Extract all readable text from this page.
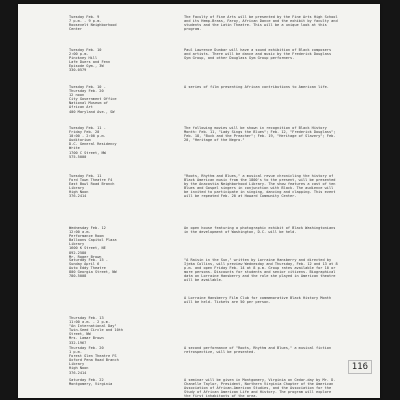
Tuesday Feb. 9
7 p.m. - 9 p.m.
Roosevelt Neighborhood
Center
The Faculty of Fine Arts will be presented by the Fine Arts High School and its Hemp-Brass, Faroy, African Dance and the exhibit by faculty and students and the Latin Theatre. This will be a unique look at this program.
Tuesday Feb. 10
2:00 p.m.
Pinckney Hill
Lafe Duers and Fenn
Episode Gym., 3W
330-0579
Paul Lawrence Dunbar will have a sound exhibition of Black composers and artists. There will be dance and music by the Frederick Douglass Gym Group, and other Douglass Gym Group performers.
Tuesday Feb. 10 -
Thursday Feb. 20
12 noon
City Government Office
National Museum of
African Art
400 Maryland Ave., SW
A series of film presenting African contributions to American life.
Tuesday Feb. 11 -
Friday Feb. 20
10:00 - 2:00 p.m.
Auditorium
D.C. General Residency
Write
1700 C Street, NW
575-5000
The following movies will be shown in recognition of Black History Month: Feb. 11, "Lady Sings the Blues"; Feb. 12, "Frederick Douglass"; Feb. 18, "Buck and the Preacher"; Feb. 19, "Heritage of Slavery"; Feb. 20, "Heritage of the Negro."
Tuesday Feb. 11
Ford Town Theatre F4
East Bowl Road Branch
Library
High Noon
376-2414
"Roots, Rhythm and Blues," a musical revue chronicling the history of Black American music from the 1800's to the present, will be presented by the Anacostia Neighborhood Library. The show features a cast of ten Blues and Gospel singers in conjunction with Black. The audience will be invited to participate in singing, dancing and clapping. This event will be repeated Feb. 20 at Howard Community Center.
Wednesday Feb. 12
12:00 a.m.
Performance Room
Balloons Capitol Plaza
Library
1600 K Street, NE
892-2580
Mr. Roger Brown
An open house featuring a photographic exhibit of Black Washingtonians in the development of Washington, D.C. will be held.
Saturday Feb. 15 -
Sunday April 6
Auto Eddy Theatre
800 Georgia Street, NW
780-5008
"A Raisin in the Sun," written by Lorraine Hansberry and directed by Ijeka Collins, will preview Wednesday and Thursday, Feb. 12 and 13 at 8 p.m. and open Friday Feb. 14 at 8 p.m. Group rates available for 10 or more persons. Discounts for students and senior citizens. Biographical data on Lorraine Hansberry and the role she played in American theatre will be available.
A Lorraine Hansberry Film Club for commemorative Black History Month will be held. Tickets are 50 per person.
Thursday Feb. 13
11:00 a.m. - 2 p.m.
"An International Day"
Twin-Seed Circle and 10th
Street, NW
Mrs. Lamar Brown
332-1967
Thursday Feb. 20
1 p.m.
Forest Glen Theatre FS
Oxford Pena Road Branch
Library
High Noon
376-2414
A second performance of "Roots, Rhythm and Blues," a musical fiction retrospective, will be presented.
Saturday Feb. 22
Montgomery, Virginia
A seminar will be given in Montgomery, Virginia on Cedar-day by Mr. D. Chanelle Taylor, President, Northern Virginia Chapter of the American Association of African-American Studies, and the Association for the Study of African American Life and History. The program will explore the first inhabitants of the area.
116
